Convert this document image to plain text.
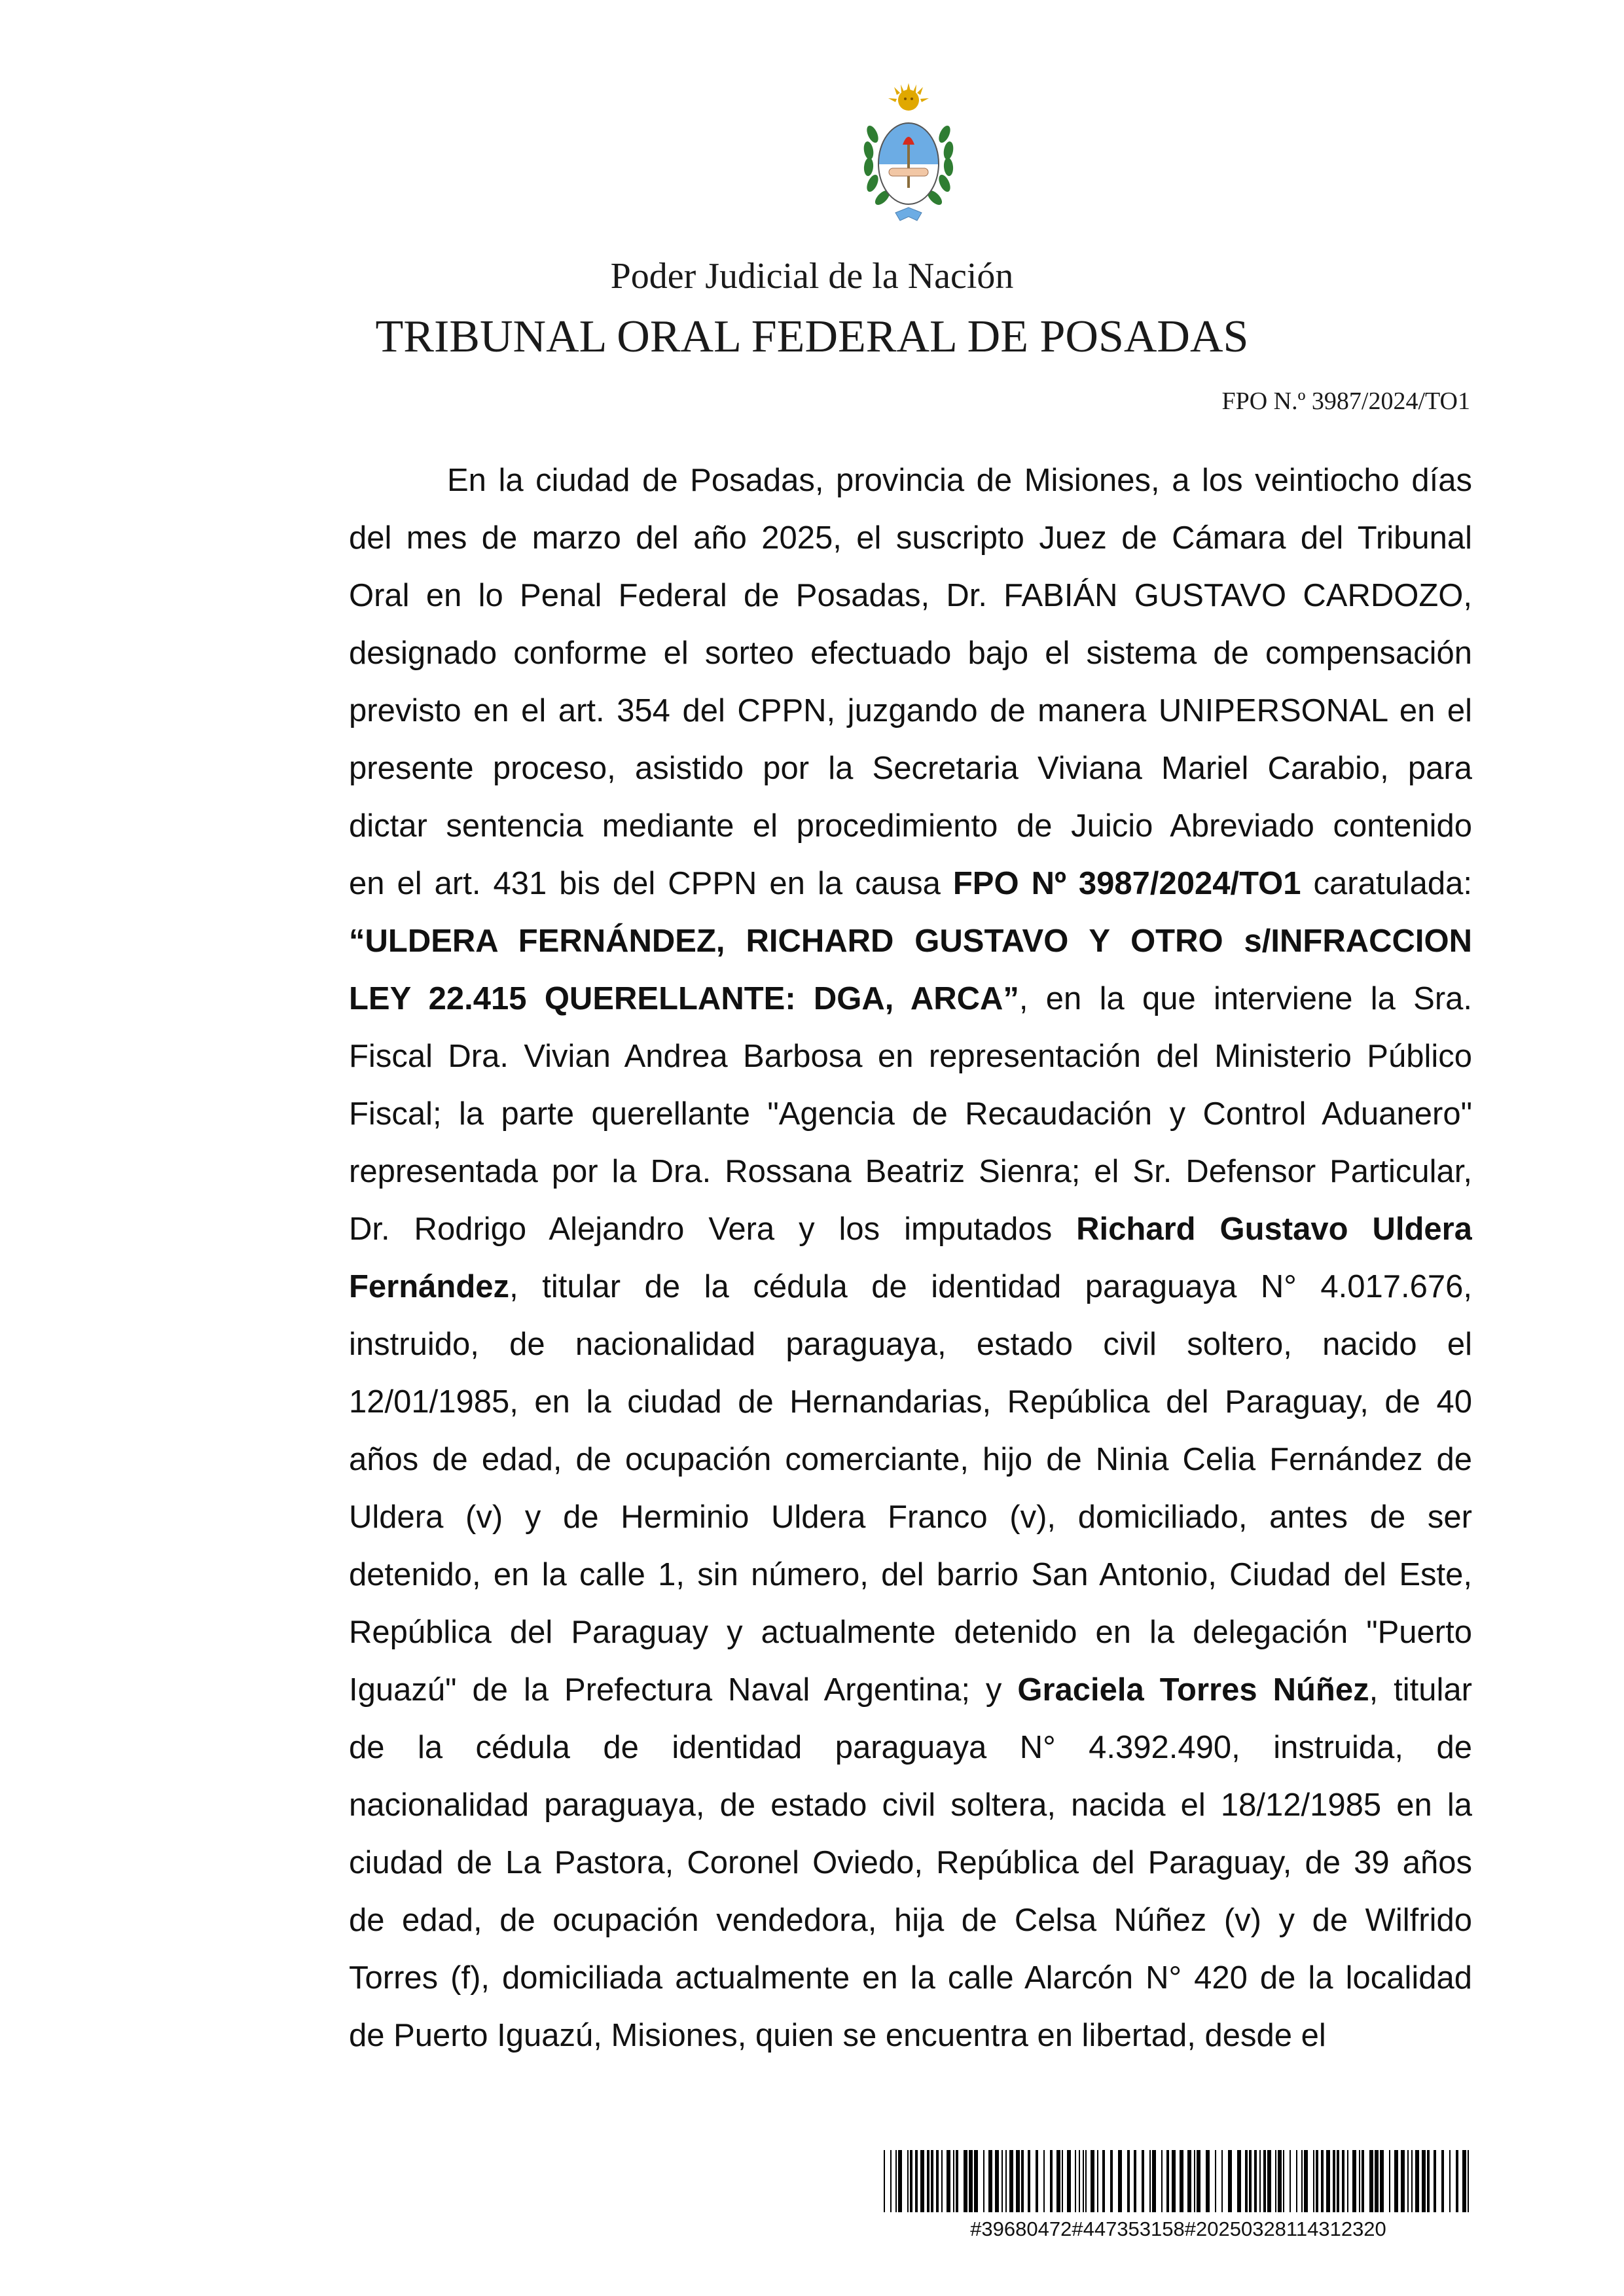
Poder Judicial de la Nación
TRIBUNAL ORAL FEDERAL DE POSADAS
FPO N.º 3987/2024/TO1
En la ciudad de Posadas, provincia de Misiones, a los veintiocho días
del mes de marzo del año 2025, el suscripto Juez de Cámara del Tribunal
Oral en lo Penal Federal de Posadas, Dr. FABIÁN GUSTAVO CARDOZO,
designado conforme el sorteo efectuado bajo el sistema de compensación
previsto en el art. 354 del CPPN, juzgando de manera UNIPERSONAL en el
presente proceso, asistido por la Secretaria Viviana Mariel Carabio, para
dictar sentencia mediante el procedimiento de Juicio Abreviado contenido
en el art. 431 bis del CPPN en la causa FPO Nº 3987/2024/TO1 caratulada:
“ULDERA FERNÁNDEZ, RICHARD GUSTAVO Y OTRO s/INFRACCION
LEY 22.415 QUERELLANTE: DGA, ARCA”, en la que interviene la Sra.
Fiscal Dra. Vivian Andrea Barbosa en representación del Ministerio Público
Fiscal; la parte querellante "Agencia de Recaudación y Control Aduanero"
representada por la Dra. Rossana Beatriz Sienra; el Sr. Defensor Particular,
Dr. Rodrigo Alejandro Vera y los imputados Richard Gustavo Uldera
Fernández, titular de la cédula de identidad paraguaya N° 4.017.676,
instruido, de nacionalidad paraguaya, estado civil soltero, nacido el
12/01/1985, en la ciudad de Hernandarias, República del Paraguay, de 40
años de edad, de ocupación comerciante, hijo de Ninia Celia Fernández de
Uldera (v) y de Herminio Uldera Franco (v), domiciliado, antes de ser
detenido, en la calle 1, sin número, del barrio San Antonio, Ciudad del Este,
República del Paraguay y actualmente detenido en la delegación "Puerto
Iguazú" de la Prefectura Naval Argentina; y Graciela Torres Núñez, titular
de la cédula de identidad paraguaya N° 4.392.490, instruida, de
nacionalidad paraguaya, de estado civil soltera, nacida el 18/12/1985 en la
ciudad de La Pastora, Coronel Oviedo, República del Paraguay, de 39 años
de edad, de ocupación vendedora, hija de Celsa Núñez (v) y de Wilfrido
Torres (f), domiciliada actualmente en la calle Alarcón N° 420 de la localidad
de Puerto Iguazú, Misiones, quien se encuentra en libertad, desde el
#39680472#447353158#20250328114312320
